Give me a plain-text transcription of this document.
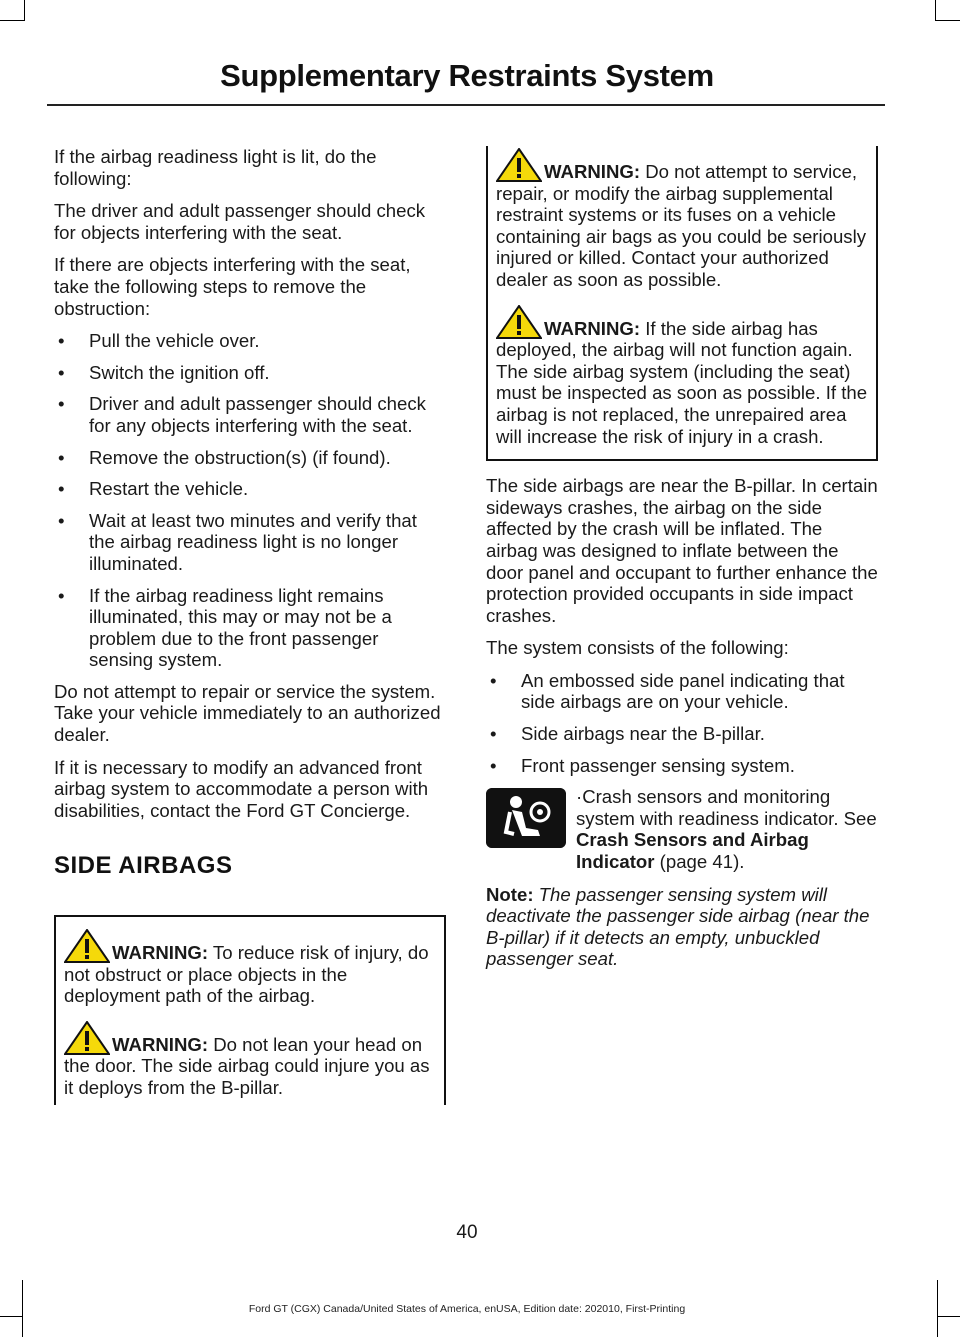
Supplementary Restraints System

If the airbag readiness light is lit, do the following:

The driver and adult passenger should check for objects interfering with the seat.

If there are objects interfering with the seat, take the following steps to remove the obstruction:

• Pull the vehicle over.
• Switch the ignition off.
• Driver and adult passenger should check for any objects interfering with the seat.
• Remove the obstruction(s) (if found).
• Restart the vehicle.
• Wait at least two minutes and verify that the airbag readiness light is no longer illuminated.
• If the airbag readiness light remains illuminated, this may or may not be a problem due to the front passenger sensing system.

Do not attempt to repair or service the system. Take your vehicle immediately to an authorized dealer.

If it is necessary to modify an advanced front airbag system to accommodate a person with disabilities, contact the Ford GT Concierge.

SIDE AIRBAGS
WARNING: To reduce risk of injury, do not obstruct or place objects in the deployment path of the airbag.
WARNING: Do not lean your head on the door. The side airbag could injure you as it deploys from the B-pillar.
WARNING: Do not attempt to service, repair, or modify the airbag supplemental restraint systems or its fuses on a vehicle containing air bags as you could be seriously injured or killed. Contact your authorized dealer as soon as possible.
WARNING: If the side airbag has deployed, the airbag will not function again. The side airbag system (including the seat) must be inspected as soon as possible. If the airbag is not replaced, the unrepaired area will increase the risk of injury in a crash.

The side airbags are near the B-pillar. In certain sideways crashes, the airbag on the side affected by the crash will be inflated. The airbag was designed to inflate between the door panel and occupant to further enhance the protection provided occupants in side impact crashes.

The system consists of the following:

• An embossed side panel indicating that side airbags are on your vehicle.
• Side airbags near the B-pillar.
• Front passenger sensing system.

·Crash sensors and monitoring system with readiness indicator. See Crash Sensors and Airbag Indicator (page 41).

Note: The passenger sensing system will deactivate the passenger side airbag (near the B-pillar) if it detects an empty, unbuckled passenger seat.

40
Ford GT (CGX) Canada/United States of America, enUSA, Edition date: 202010, First-Printing
